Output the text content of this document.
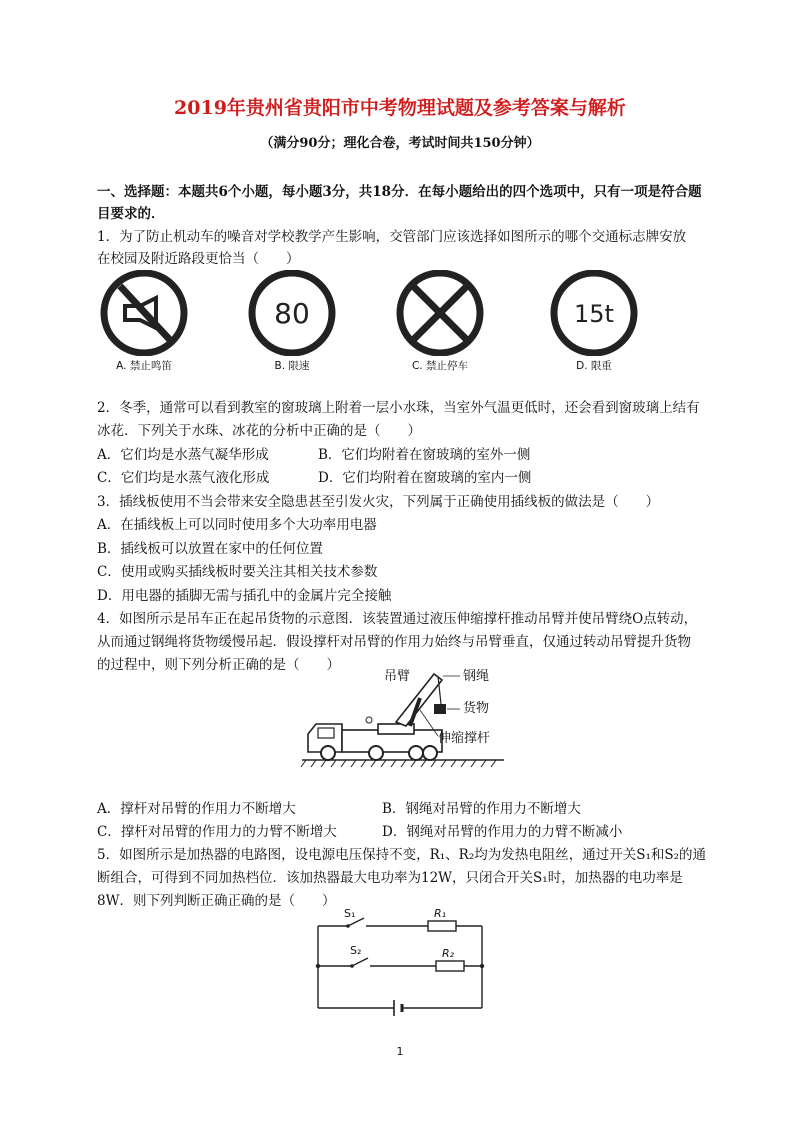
2019年贵州省贵阳市中考物理试题及参考答案与解析
（满分90分；理化合卷，考试时间共150分钟）
一、选择题：本题共6个小题，每小题3分，共18分．在每小题给出的四个选项中，只有一项是符合题
目要求的．
1．为了防止机动车的噪音对学校教学产生影响，交管部门应该选择如图所示的哪个交通标志牌安放
在校园及附近路段更恰当（　　）
A. 禁止鸣笛
80
B. 限速	C. 禁止停车
15t
D. 限重
2．冬季，通常可以看到教室的窗玻璃上附着一层小水珠，当室外气温更低时，还会看到窗玻璃上结有
冰花．下列关于水珠、冰花的分析中正确的是（　　）
A．它们均是水蒸气凝华形成	B．它们均附着在窗玻璃的室外一侧
C．它们均是水蒸气液化形成	D．它们均附着在窗玻璃的室内一侧
3．插线板使用不当会带来安全隐患甚至引发火灾，下列属于正确使用插线板的做法是（　　）
A．在插线板上可以同时使用多个大功率用电器
B．插线板可以放置在家中的任何位置
C．使用或购买插线板时要关注其相关技术参数
D．用电器的插脚无需与插孔中的金属片完全接触
4．如图所示是吊车正在起吊货物的示意图．该装置通过液压伸缩撑杆推动吊臂并使吊臂绕O点转动，
从而通过钢绳将货物缓慢吊起．假设撑杆对吊臂的作用力始终与吊臂垂直，仅通过转动吊臂提升货物
的过程中，则下列分析正确的是（　　）
吊臂	钢绳
货物
伸缩撑杆
A．撑杆对吊臂的作用力不断增大	B．钢绳对吊臂的作用力不断增大
C．撑杆对吊臂的作用力的力臂不断增大	D．钢绳对吊臂的作用力的力臂不断减小
5．如图所示是加热器的电路图，设电源电压保持不变，R₁、R₂均为发热电阻丝，通过开关S₁和S₂的通
断组合，可得到不同加热档位．该加热器最大电功率为12W，只闭合开关S₁时，加热器的电功率是
8W．则下列判断正确正确的是（　　）
S₁	R₁
S₂	R₂
1
